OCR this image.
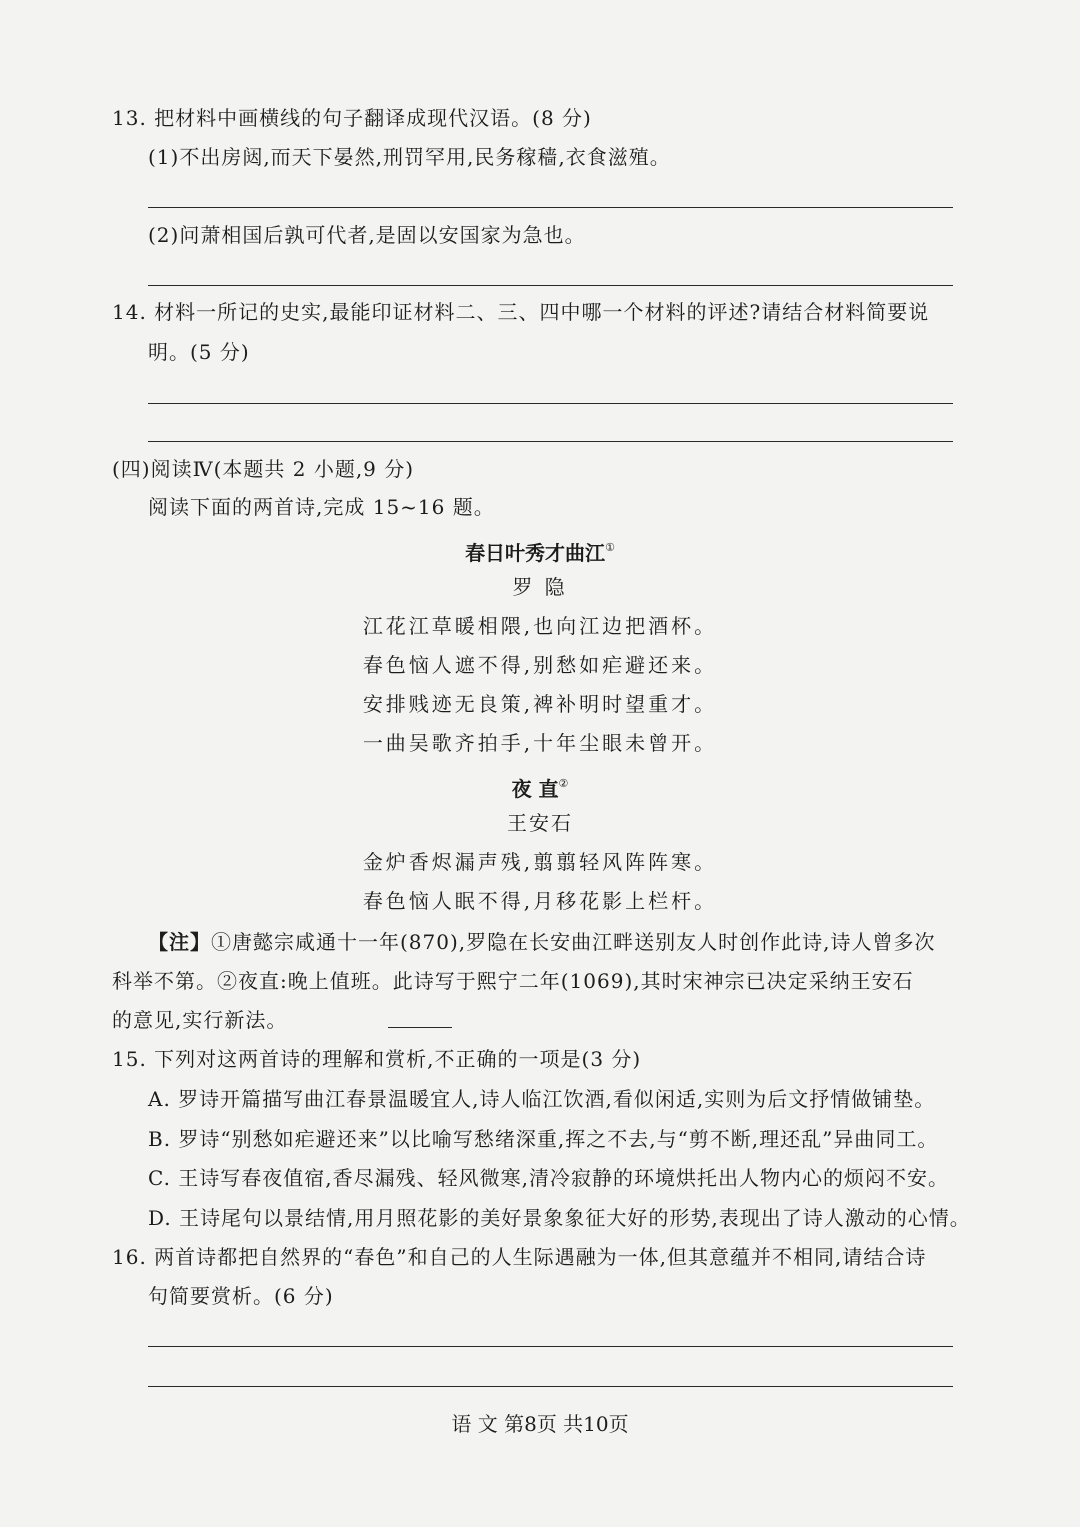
13. 把材料中画横线的句子翻译成现代汉语。(8 分)
(1)不出房闼,而天下晏然,刑罚罕用,民务稼穑,衣食滋殖。
(2)问萧相国后孰可代者,是固以安国家为急也。
14. 材料一所记的史实,最能印证材料二、三、四中哪一个材料的评述?请结合材料简要说
明。(5 分)
(四)阅读Ⅳ(本题共 2 小题,9 分)
阅读下面的两首诗,完成 15~16 题。
春日叶秀才曲江①
罗 隐
江花江草暖相隈,也向江边把酒杯。
春色恼人遮不得,别愁如疟避还来。
安排贱迹无良策,裨补明时望重才。
一曲吴歌齐拍手,十年尘眼未曾开。
夜 直②
王安石
金炉香烬漏声残,翦翦轻风阵阵寒。
春色恼人眠不得,月移花影上栏杆。
【注】①唐懿宗咸通十一年(870),罗隐在长安曲江畔送别友人时创作此诗,诗人曾多次
科举不第。②夜直:晚上值班。此诗写于熙宁二年(1069),其时宋神宗已决定采纳王安石
的意见,实行新法。
15. 下列对这两首诗的理解和赏析,不正确的一项是(3 分)
A. 罗诗开篇描写曲江春景温暖宜人,诗人临江饮酒,看似闲适,实则为后文抒情做铺垫。
B. 罗诗“别愁如疟避还来”以比喻写愁绪深重,挥之不去,与“剪不断,理还乱”异曲同工。
C. 王诗写春夜值宿,香尽漏残、轻风微寒,清冷寂静的环境烘托出人物内心的烦闷不安。
D. 王诗尾句以景结情,用月照花影的美好景象象征大好的形势,表现出了诗人激动的心情。
16. 两首诗都把自然界的“春色”和自己的人生际遇融为一体,但其意蕴并不相同,请结合诗
句简要赏析。(6 分)
语 文 第8页 共10页
